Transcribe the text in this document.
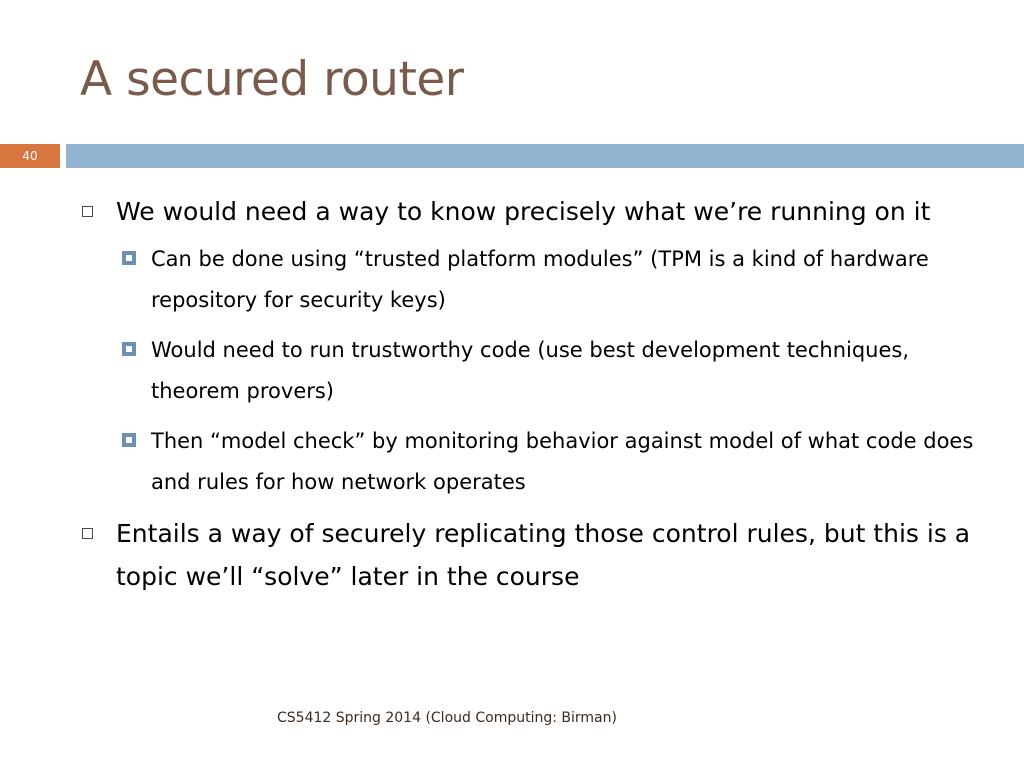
A secured router
40
We would need a way to know precisely what we’re running on it
Can be done using “trusted platform modules” (TPM is a kind of hardware repository for security keys)
Would need to run trustworthy code (use best development techniques, theorem provers)
Then “model check” by monitoring behavior against model of what code does and rules for how network operates
Entails a way of securely replicating those control rules, but this is a topic we’ll “solve” later in the course
CS5412 Spring 2014 (Cloud Computing: Birman)
